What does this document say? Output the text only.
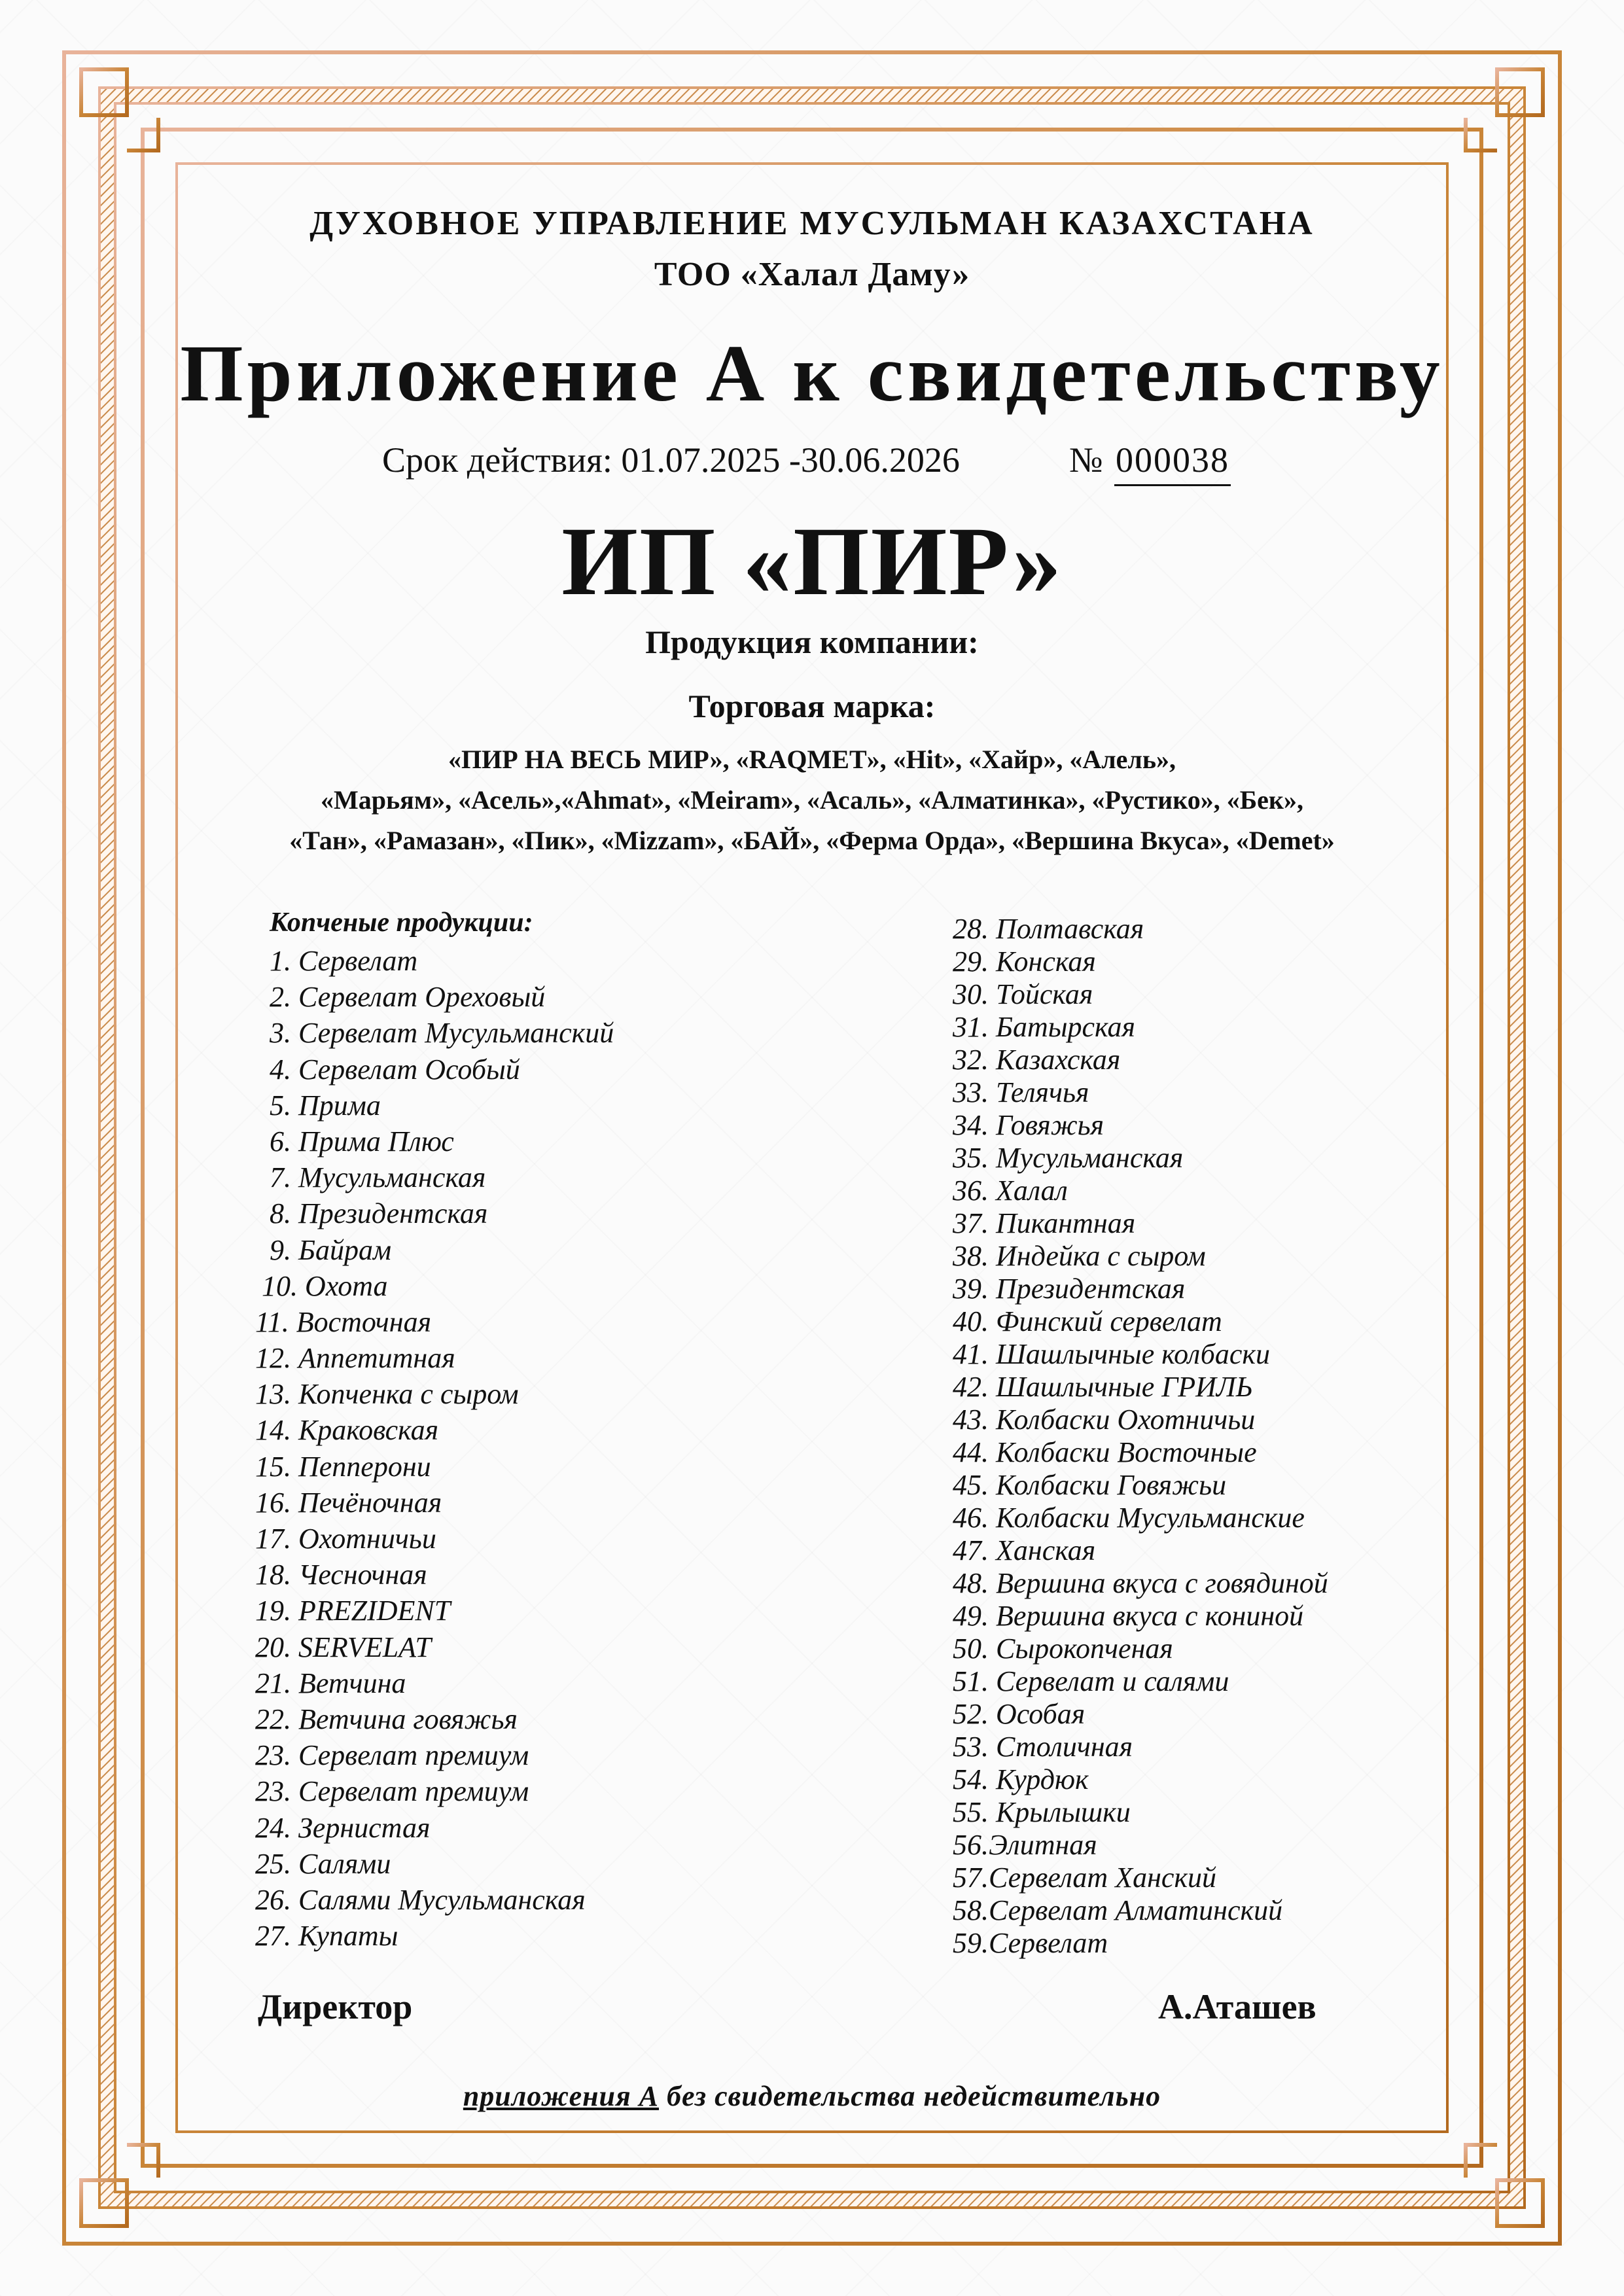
ДУХОВНОЕ УПРАВЛЕНИЕ МУСУЛЬМАН КАЗАХСТАНА
ТОО «Халал Даму»
Приложение А к свидетельству
Срок действия: 01.07.2025 -30.06.2026	№ 000038
ИП «ПИР»
Продукция компании:
Торговая марка:
«ПИР НА ВЕСЬ МИР», «RAQMET», «Hit», «Хайр», «Алель»,
«Марьям», «Асель»,«Ahmat», «Meiram», «Асаль», «Алматинка», «Рустико», «Бек»,
«Тан», «Рамазан», «Пик», «Mizzam», «БАЙ», «Ферма Орда», «Вершина Вкуса», «Demet»
Копченые продукции:
1. Сервелат
2. Сервелат Ореховый
3. Сервелат Мусульманский
4. Сервелат Особый
5. Прима
6. Прима Плюс
7. Мусульманская
8. Президентская
9. Байрам
10. Охота
11. Восточная
12. Аппетитная
13. Копченка с сыром
14. Краковская
15. Пепперони
16. Печёночная
17. Охотничьи
18. Чесночная
19. PREZIDENT
20. SERVELAT
21. Ветчина
22. Ветчина говяжья
23. Сервелат премиум
23. Сервелат премиум
24. Зернистая
25. Салями
26. Салями Мусульманская
27. Купаты
28. Полтавская
29. Конская
30. Тойская
31. Батырская
32. Казахская
33. Телячья
34. Говяжья
35. Мусульманская
36. Халал
37. Пикантная
38. Индейка с сыром
39. Президентская
40. Финский сервелат
41. Шашлычные колбаски
42. Шашлычные ГРИЛЬ
43. Колбаски Охотничьи
44. Колбаски Восточные
45. Колбаски Говяжьи
46. Колбаски Мусульманские
47. Ханская
48. Вершина вкуса с говядиной
49. Вершина вкуса с кониной
50. Сырокопченая
51. Сервелат и салями
52. Особая
53. Столичная
54. Курдюк
55. Крылышки
56.Элитная
57.Сервелат Ханский
58.Сервелат Алматинский
59.Сервелат
Директор	А.Аташев
приложения А без свидетельства недействительно
